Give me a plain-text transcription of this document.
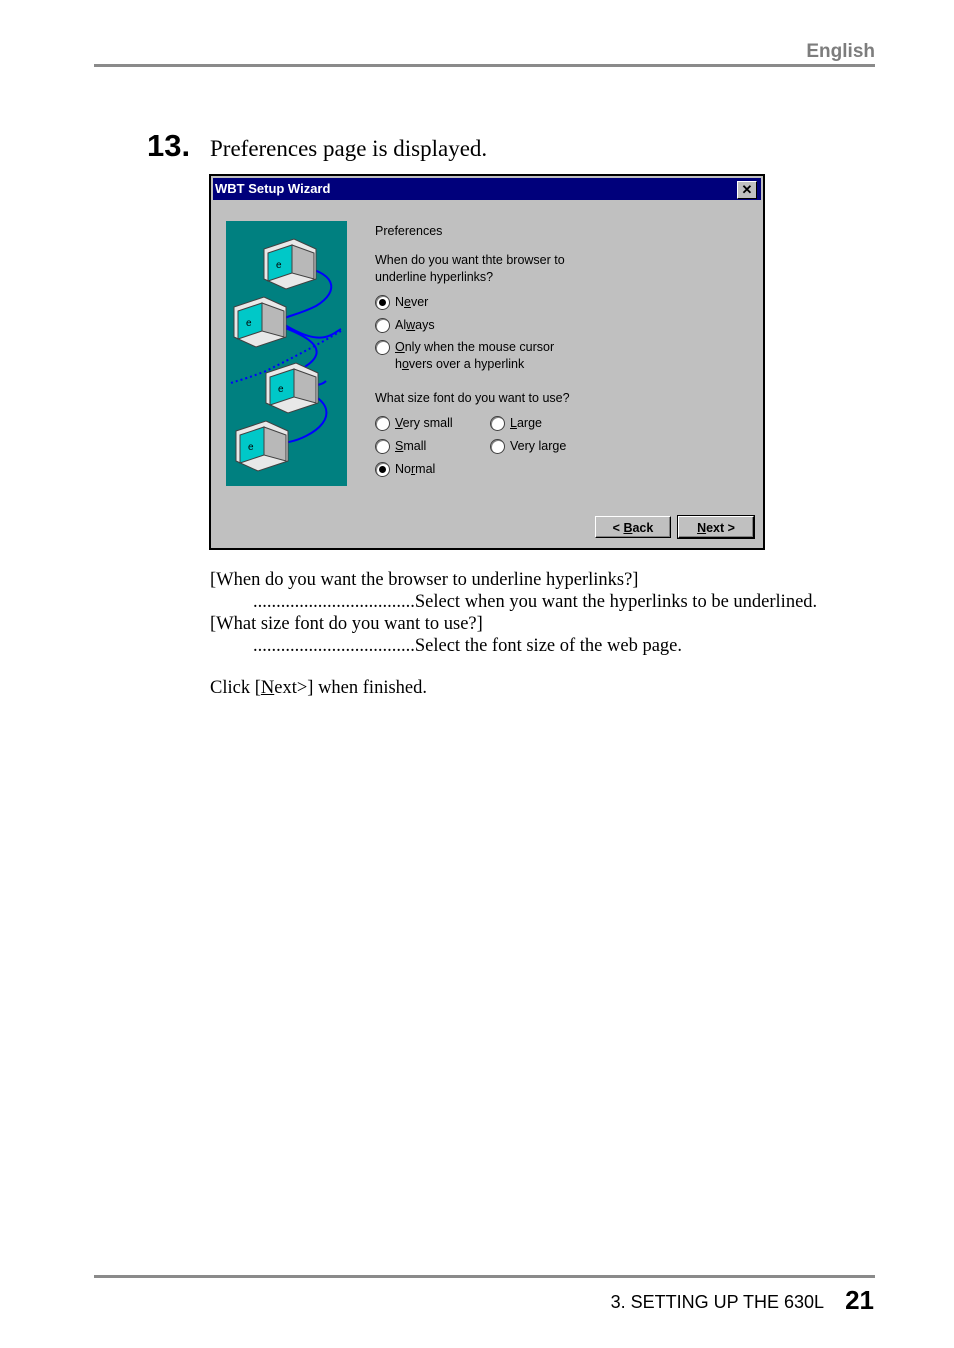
English
13. Preferences page is displayed.
WBT Setup Wizard	✕
e
e
e
e
Preferences
When do you want thte browser to
underline hyperlinks?
Never
Always
Only when the mouse cursor
hovers over a hyperlink
What size font do you want to use?
Very small
Small
Normal
Large
Very large
< Back	Next >
[When do you want the browser to underline hyperlinks?]
...................................Select when you want the hyperlinks to be underlined.
[What size font do you want to use?]
...................................Select the font size of the web page.
Click [Next>] when finished.
3. SETTING UP THE 630L 21
